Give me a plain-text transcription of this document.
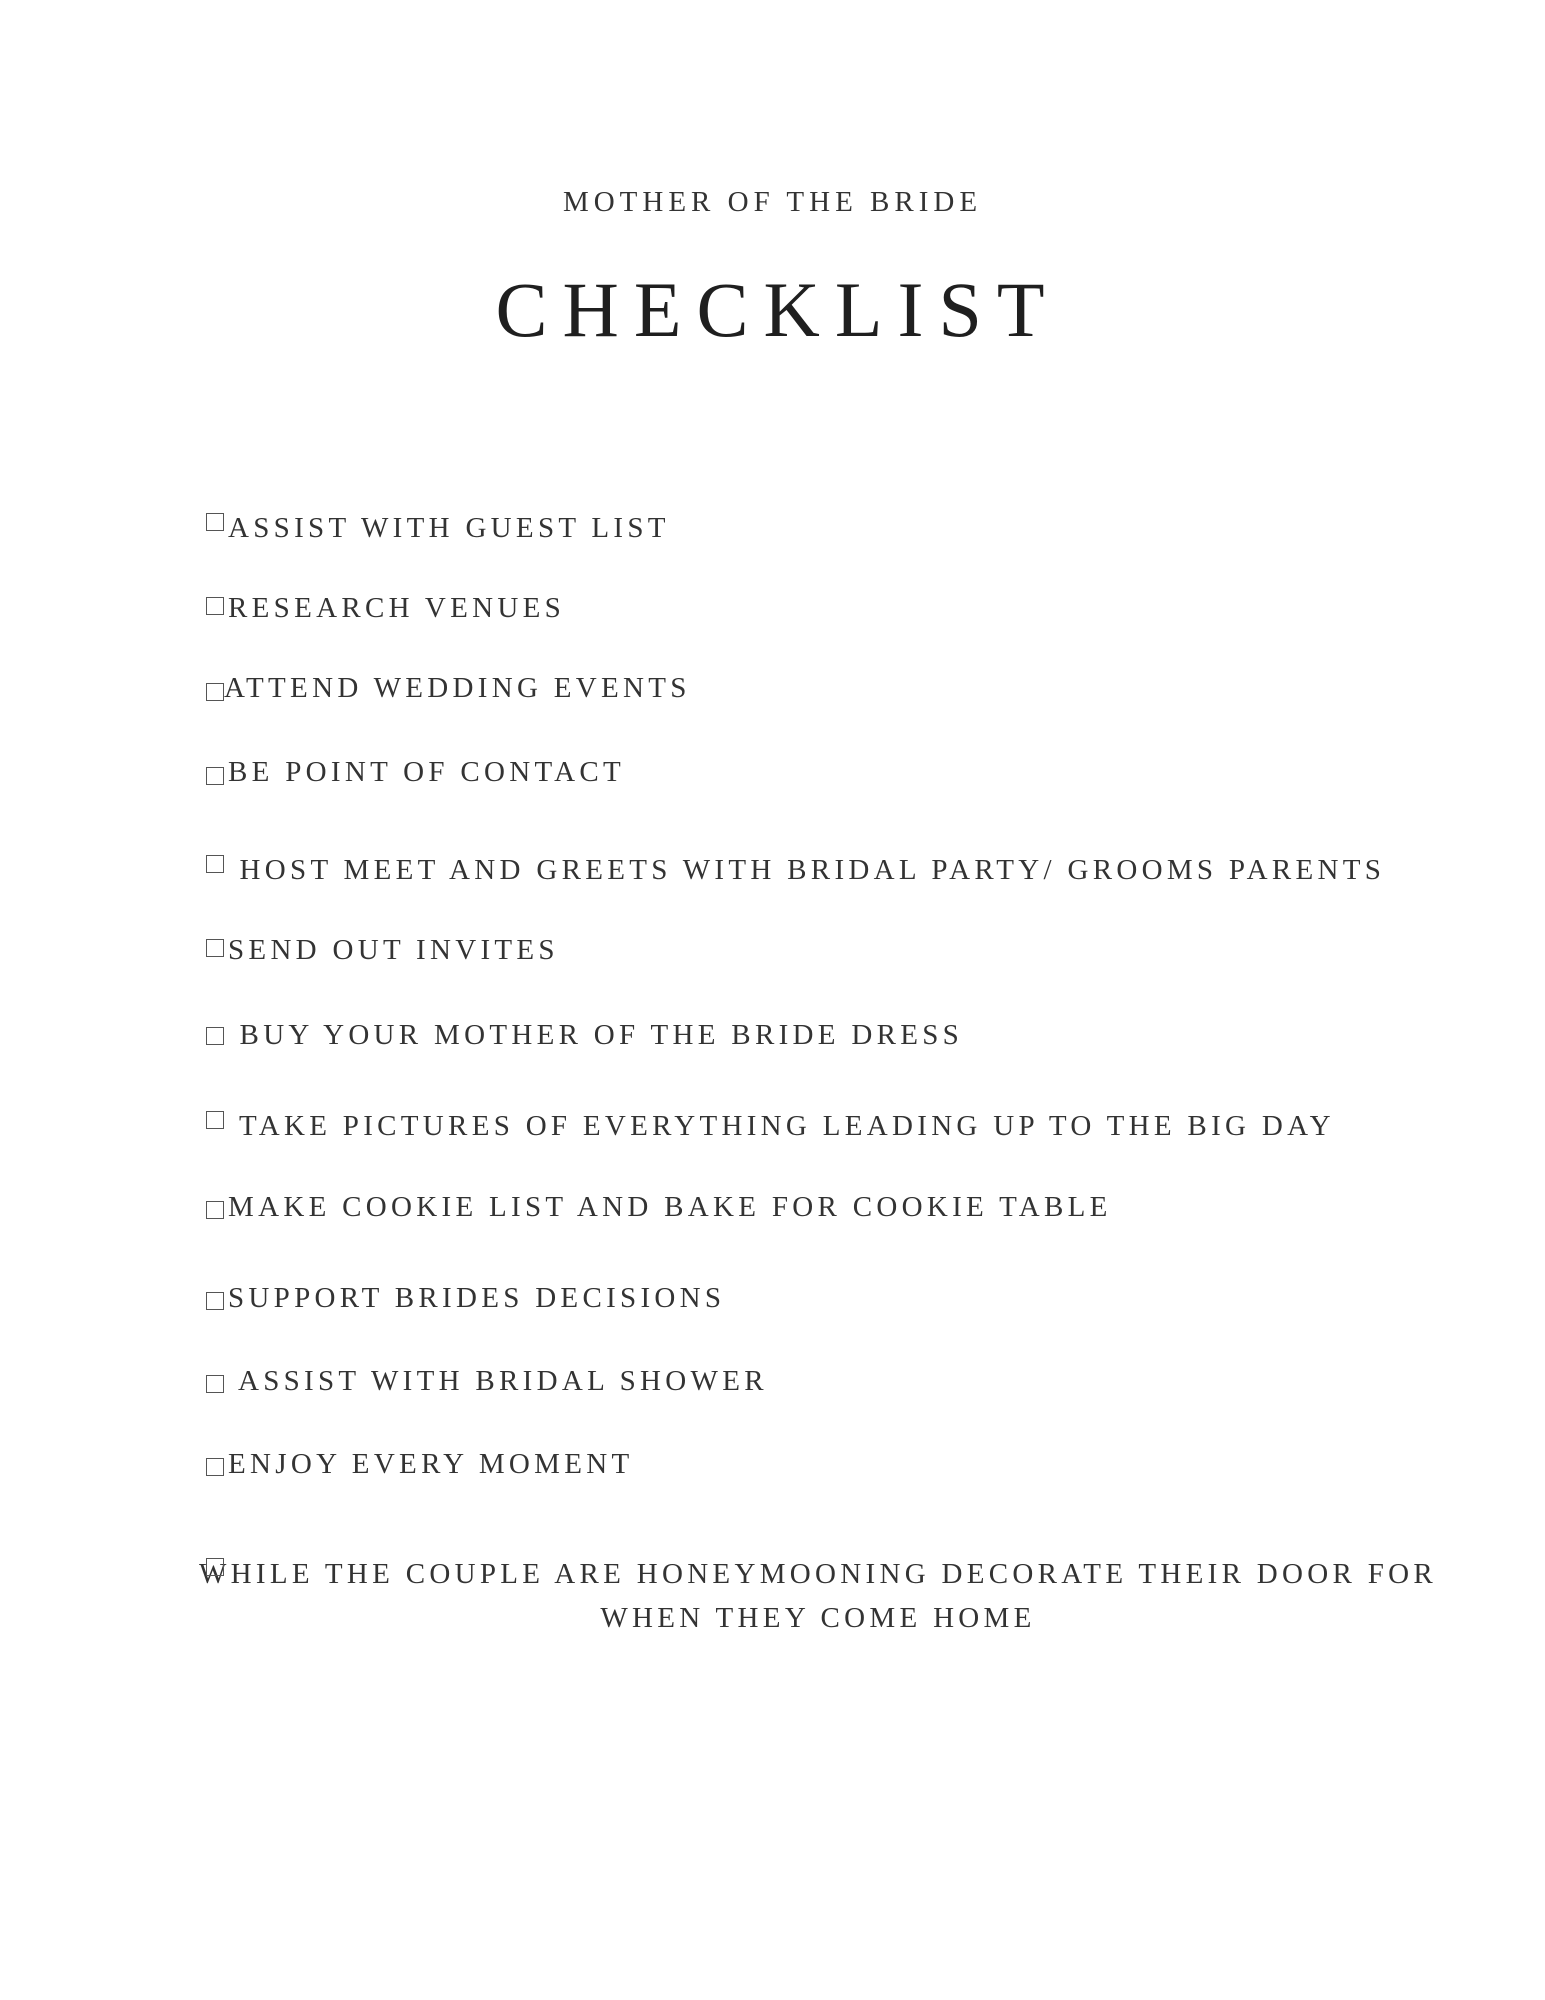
MOTHER OF THE BRIDE
CHECKLIST
ASSIST WITH GUEST LIST
RESEARCH VENUES
ATTEND WEDDING EVENTS
BE POINT OF CONTACT
HOST MEET AND GREETS WITH BRIDAL PARTY/ GROOMS PARENTS
SEND OUT INVITES
BUY YOUR MOTHER OF THE BRIDE DRESS
TAKE PICTURES OF EVERYTHING LEADING UP TO THE BIG DAY
MAKE COOKIE LIST AND BAKE FOR COOKIE TABLE
SUPPORT BRIDES DECISIONS
ASSIST WITH BRIDAL SHOWER
ENJOY EVERY MOMENT
WHILE THE COUPLE ARE HONEYMOONING DECORATE THEIR DOOR FOR WHEN THEY COME HOME
